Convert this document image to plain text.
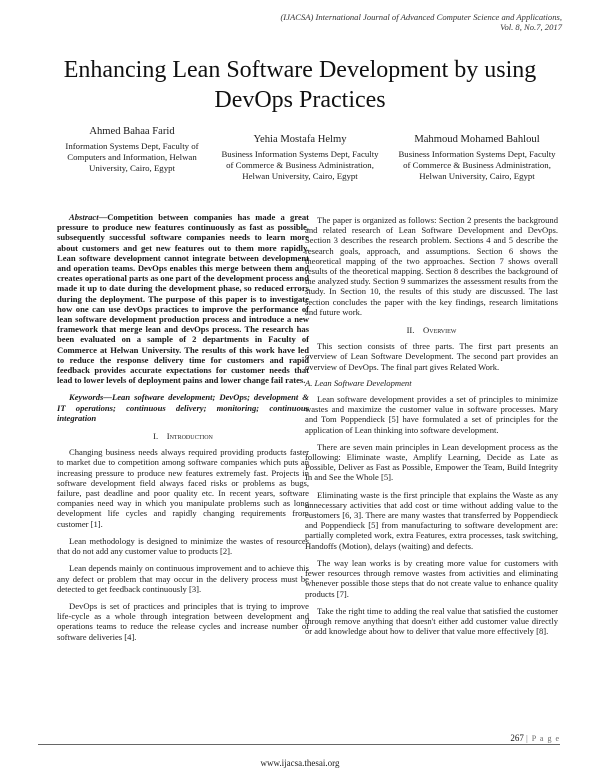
(IJACSA) International Journal of Advanced Computer Science and Applications,
Vol. 8, No.7, 2017
Enhancing Lean Software Development by using
DevOps Practices
Ahmed Bahaa Farid
Information Systems Dept, Faculty of Computers and Information, Helwan University, Cairo, Egypt
Yehia Mostafa Helmy
Business Information Systems Dept, Faculty of Commerce & Business Administration, Helwan University, Cairo, Egypt
Mahmoud Mohamed Bahloul
Business Information Systems Dept, Faculty of Commerce & Business Administration, Helwan University, Cairo, Egypt

Abstract—Competition between companies has made a great pressure to produce new features continuously as fast as possible, subsequently successful software companies needs to learn more about customers and get new features out to them more rapidly. Lean software development cannot integrate between development and operation teams. DevOps enables this merge between them and creates operational parts as one part of the development process and made it up to date during the development phase, so reduced errors during the deployment. The purpose of this paper is to investigate how one can use devOps practices to improve the performance of lean software development production process and introduce a new framework that merge lean and devOps process. The research has been evaluated on a sample of 2 departments in Faculty of Commerce at Helwan University. The results of this work have led to reduce the response delivery time for customers and rapid feedback provides accurate expectations for customer needs that lead to lower levels of deployment pains and lower change fail rates.

Keywords—Lean software development; DevOps; development & IT operations; continuous delivery; monitoring; continuous integration

I. Introduction

Changing business needs always required providing products faster to market due to competition among software companies which puts an increasing pressure to produce new features extremely fast. Projects in software development field always faced risks or problems as bugs, failure, past deadline and poor quality etc. In recent years, software companies need way in which you manipulate problems such as long development life cycles and rapidly changing requirements from customer [1].

Lean methodology is designed to minimize the wastes of resources that do not add any customer value to products [2].

Lean depends mainly on continuous improvement and to achieve this any defect or problem that may occur in the delivery process must be detected to get feedback continuously [3].

DevOps is set of practices and principles that is trying to improve life-cycle as a whole through integration between development and operations teams to reduce the release cycles and increase number of software deliveries [4].

The paper is organized as follows: Section 2 presents the background and related research of Lean Software Development and DevOps. Section 3 describes the research problem. Sections 4 and 5 describe the research goals, approach, and assumptions. Section 6 shows the theoretical mapping of the two approaches. Section 7 shows overall results of the theoretical mapping. Section 8 describes the background of the analyzed study. Section 9 summarizes the assessment results from the study. In Section 10, the results of this study are discussed. The last section concludes the paper with the key findings, research limitations and future work.

II. Overview

This section consists of three parts. The first part presents an overview of Lean Software Development. The second part provides an overview of DevOps. The final part gives Related Work.

A. Lean Software Development

Lean software development provides a set of principles to minimize wastes and maximize the customer value in software processes. Mary and Tom Poppendieck [5] have formulated a set of principles for the application of Lean thinking into software development.

There are seven main principles in Lean development process as the following: Eliminate waste, Amplify Learning, Decide as Late as Possible, Deliver as Fast as Possible, Empower the Team, Build Integrity In and See the Whole [5].

Eliminating waste is the first principle that explains the Waste as any unnecessary activities that add cost or time without adding value to the customers [6, 3]. There are many wastes that transferred by Poppendieck and Poppendieck [5] from manufacturing to software development are: partially completed work, extra Features, extra processes, task switching, Handoffs (Motion), delays (waiting) and defects.

The way lean works is by creating more value for customers with fewer resources through remove wastes from activities and eliminating whenever possible those steps that do not create value to enhance quality products [7].

Take the right time to adding the real value that satisfied the customer through remove anything that doesn't either add customer value directly or add knowledge about how to deliver that value more effectively [8].

267 | P a g e
www.ijacsa.thesai.org
